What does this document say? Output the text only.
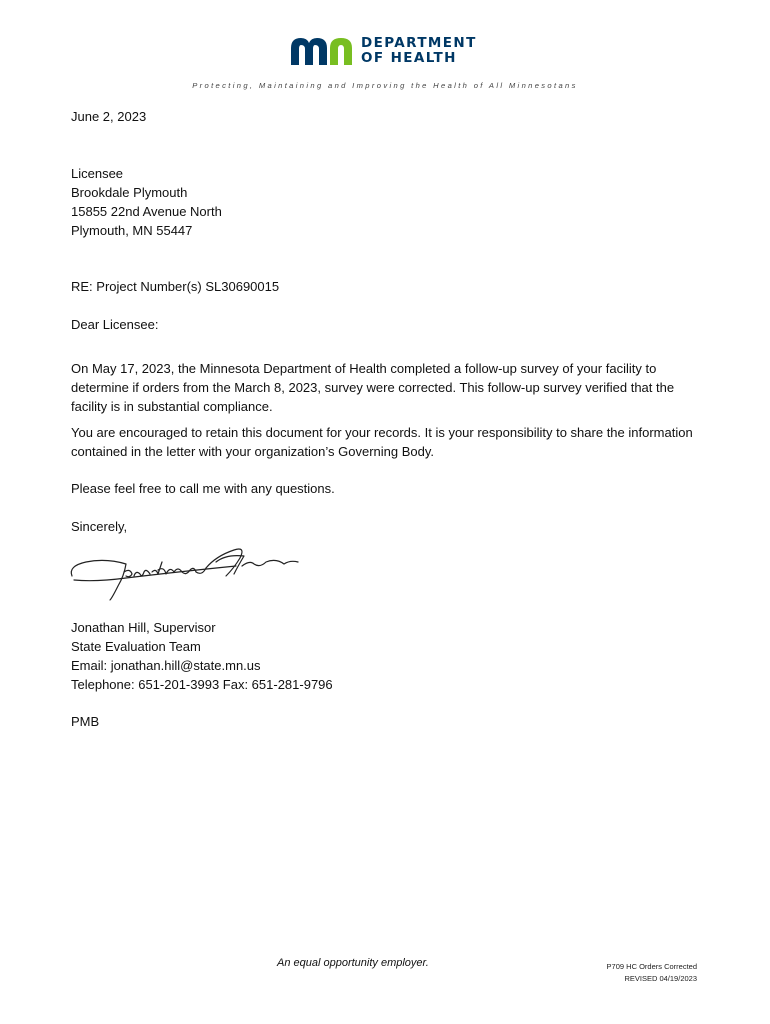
DEPARTMENT
OF HEALTH
Protecting, Maintaining and Improving the Health of All Minnesotans
June 2, 2023
Licensee
Brookdale Plymouth
15855 22nd Avenue North
Plymouth, MN 55447
RE: Project Number(s) SL30690015
Dear Licensee:
On May 17, 2023, the Minnesota Department of Health completed a follow-up survey of your facility to determine if orders from the March 8, 2023, survey were corrected. This follow-up survey verified that the facility is in substantial compliance.
You are encouraged to retain this document for your records. It is your responsibility to share the information contained in the letter with your organization’s Governing Body.
Please feel free to call me with any questions.
Sincerely,
Jonathan Hill, Supervisor
State Evaluation Team
Email: jonathan.hill@state.mn.us
Telephone: 651-201-3993 Fax: 651-281-9796
PMB
An equal opportunity employer.	P709 HC Orders Corrected
REVISED 04/19/2023
